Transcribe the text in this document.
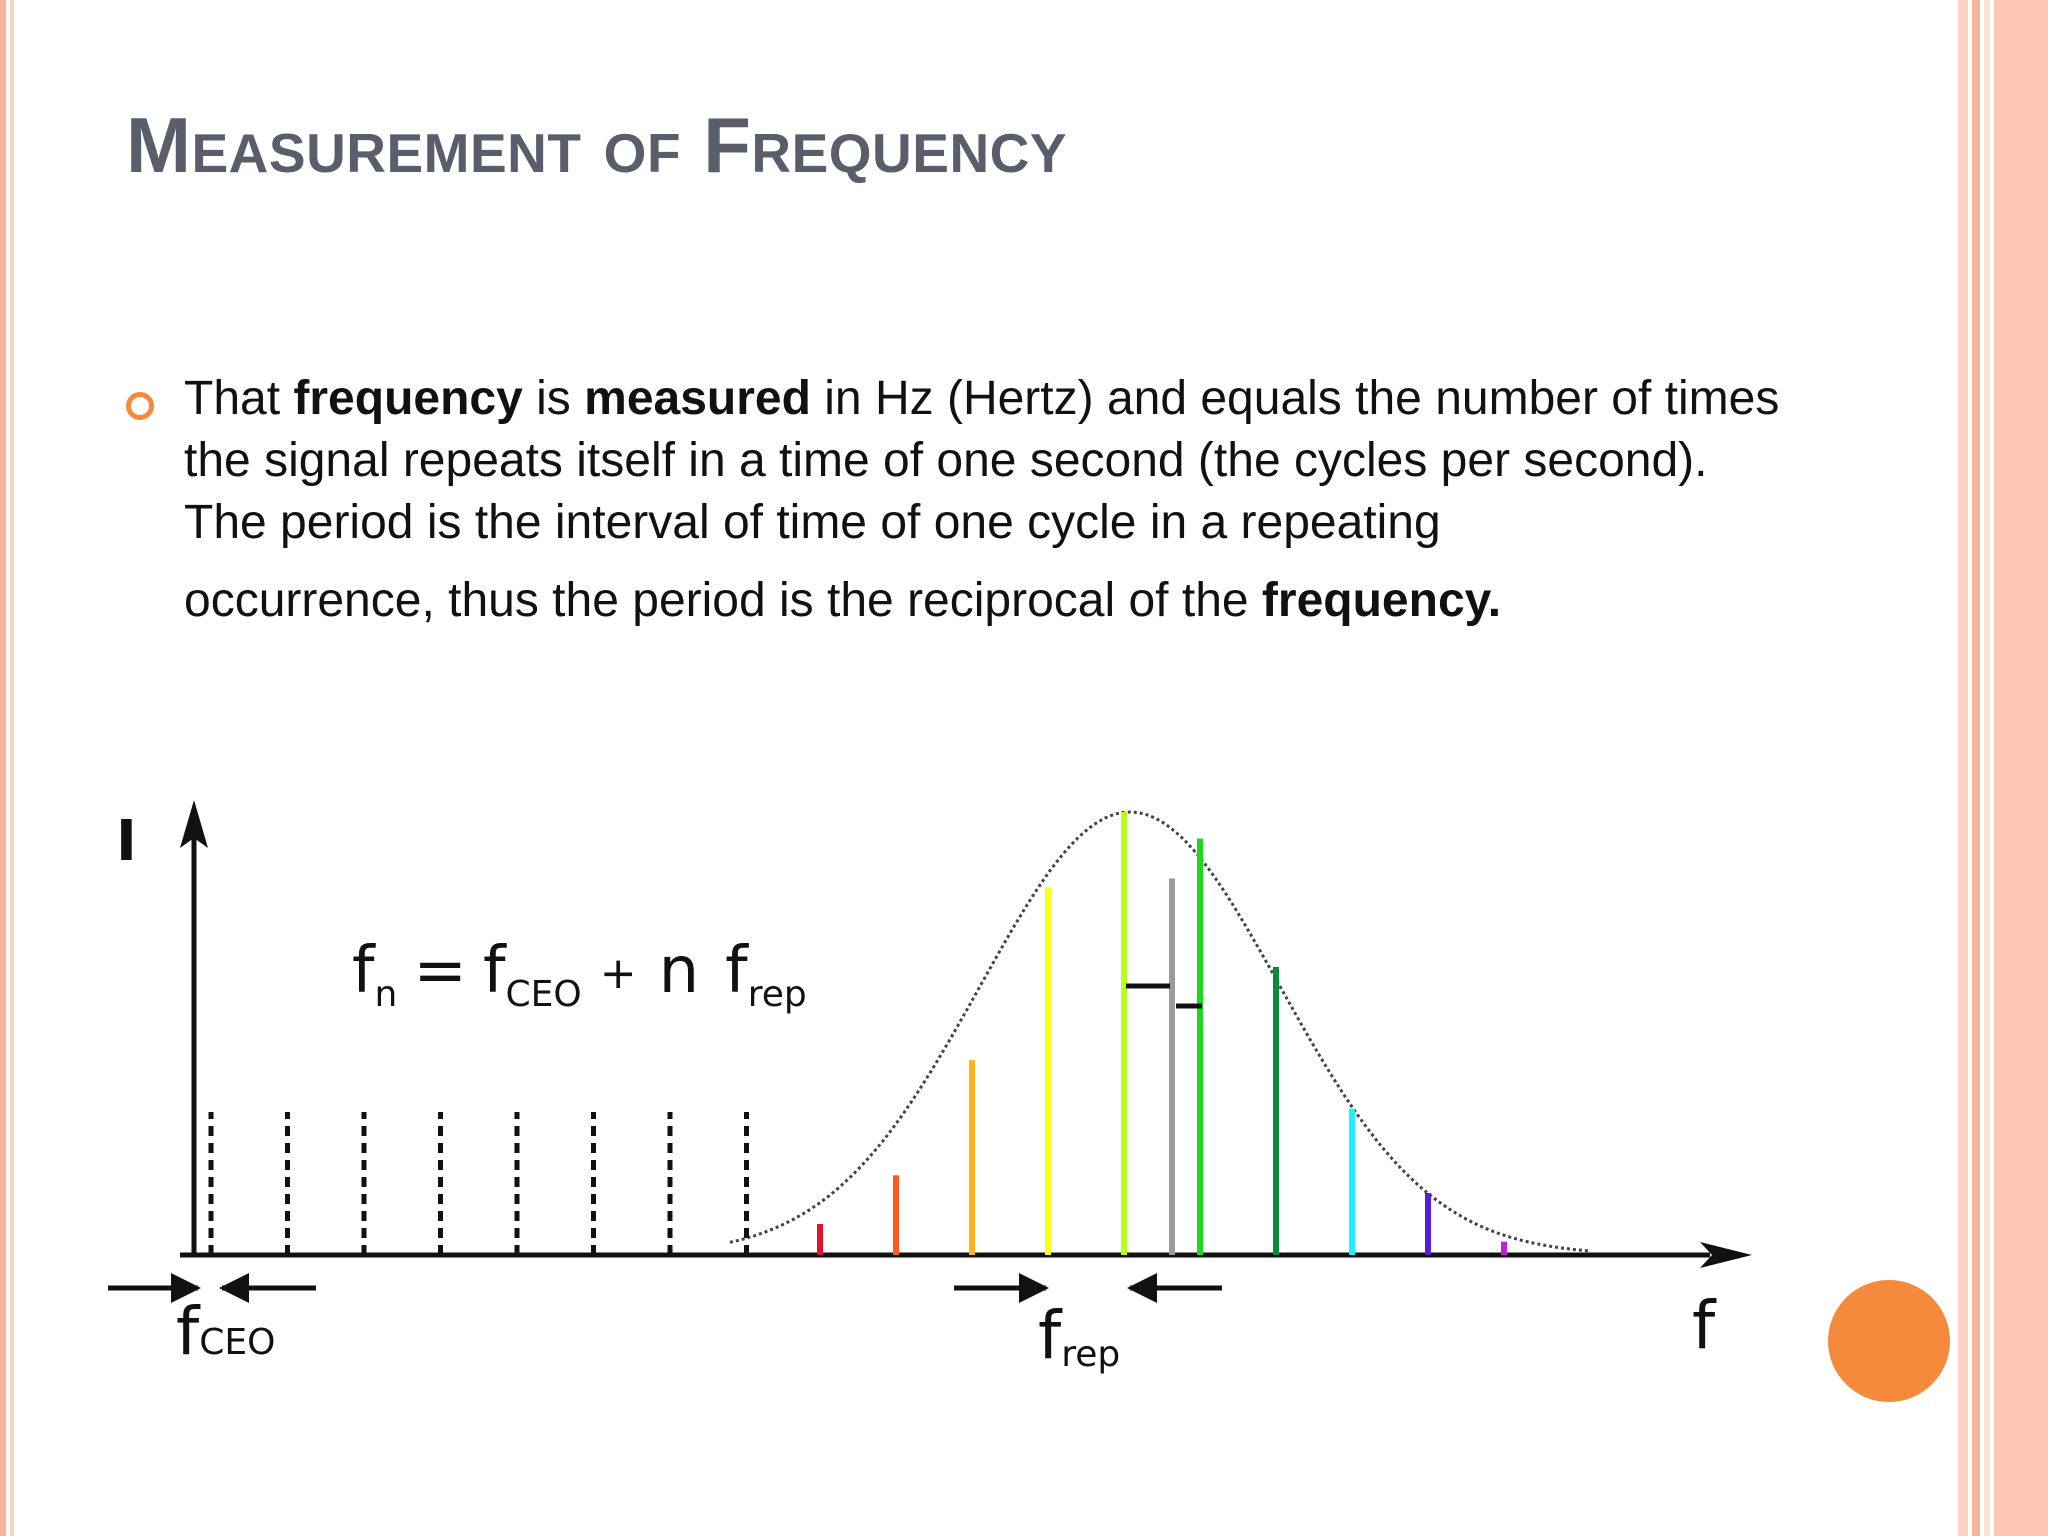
Measurement of Frequency

That frequency is measured in Hz (Hertz) and equals the number of times the signal repeats itself in a time of one second (the cycles per second). The period is the interval of time of one cycle in a repeating
occurrence, thus the period is the reciprocal of the frequency.

I
f
$f_n = f_{CEO}$ + n $f_{rep}$
fCEO	frep
